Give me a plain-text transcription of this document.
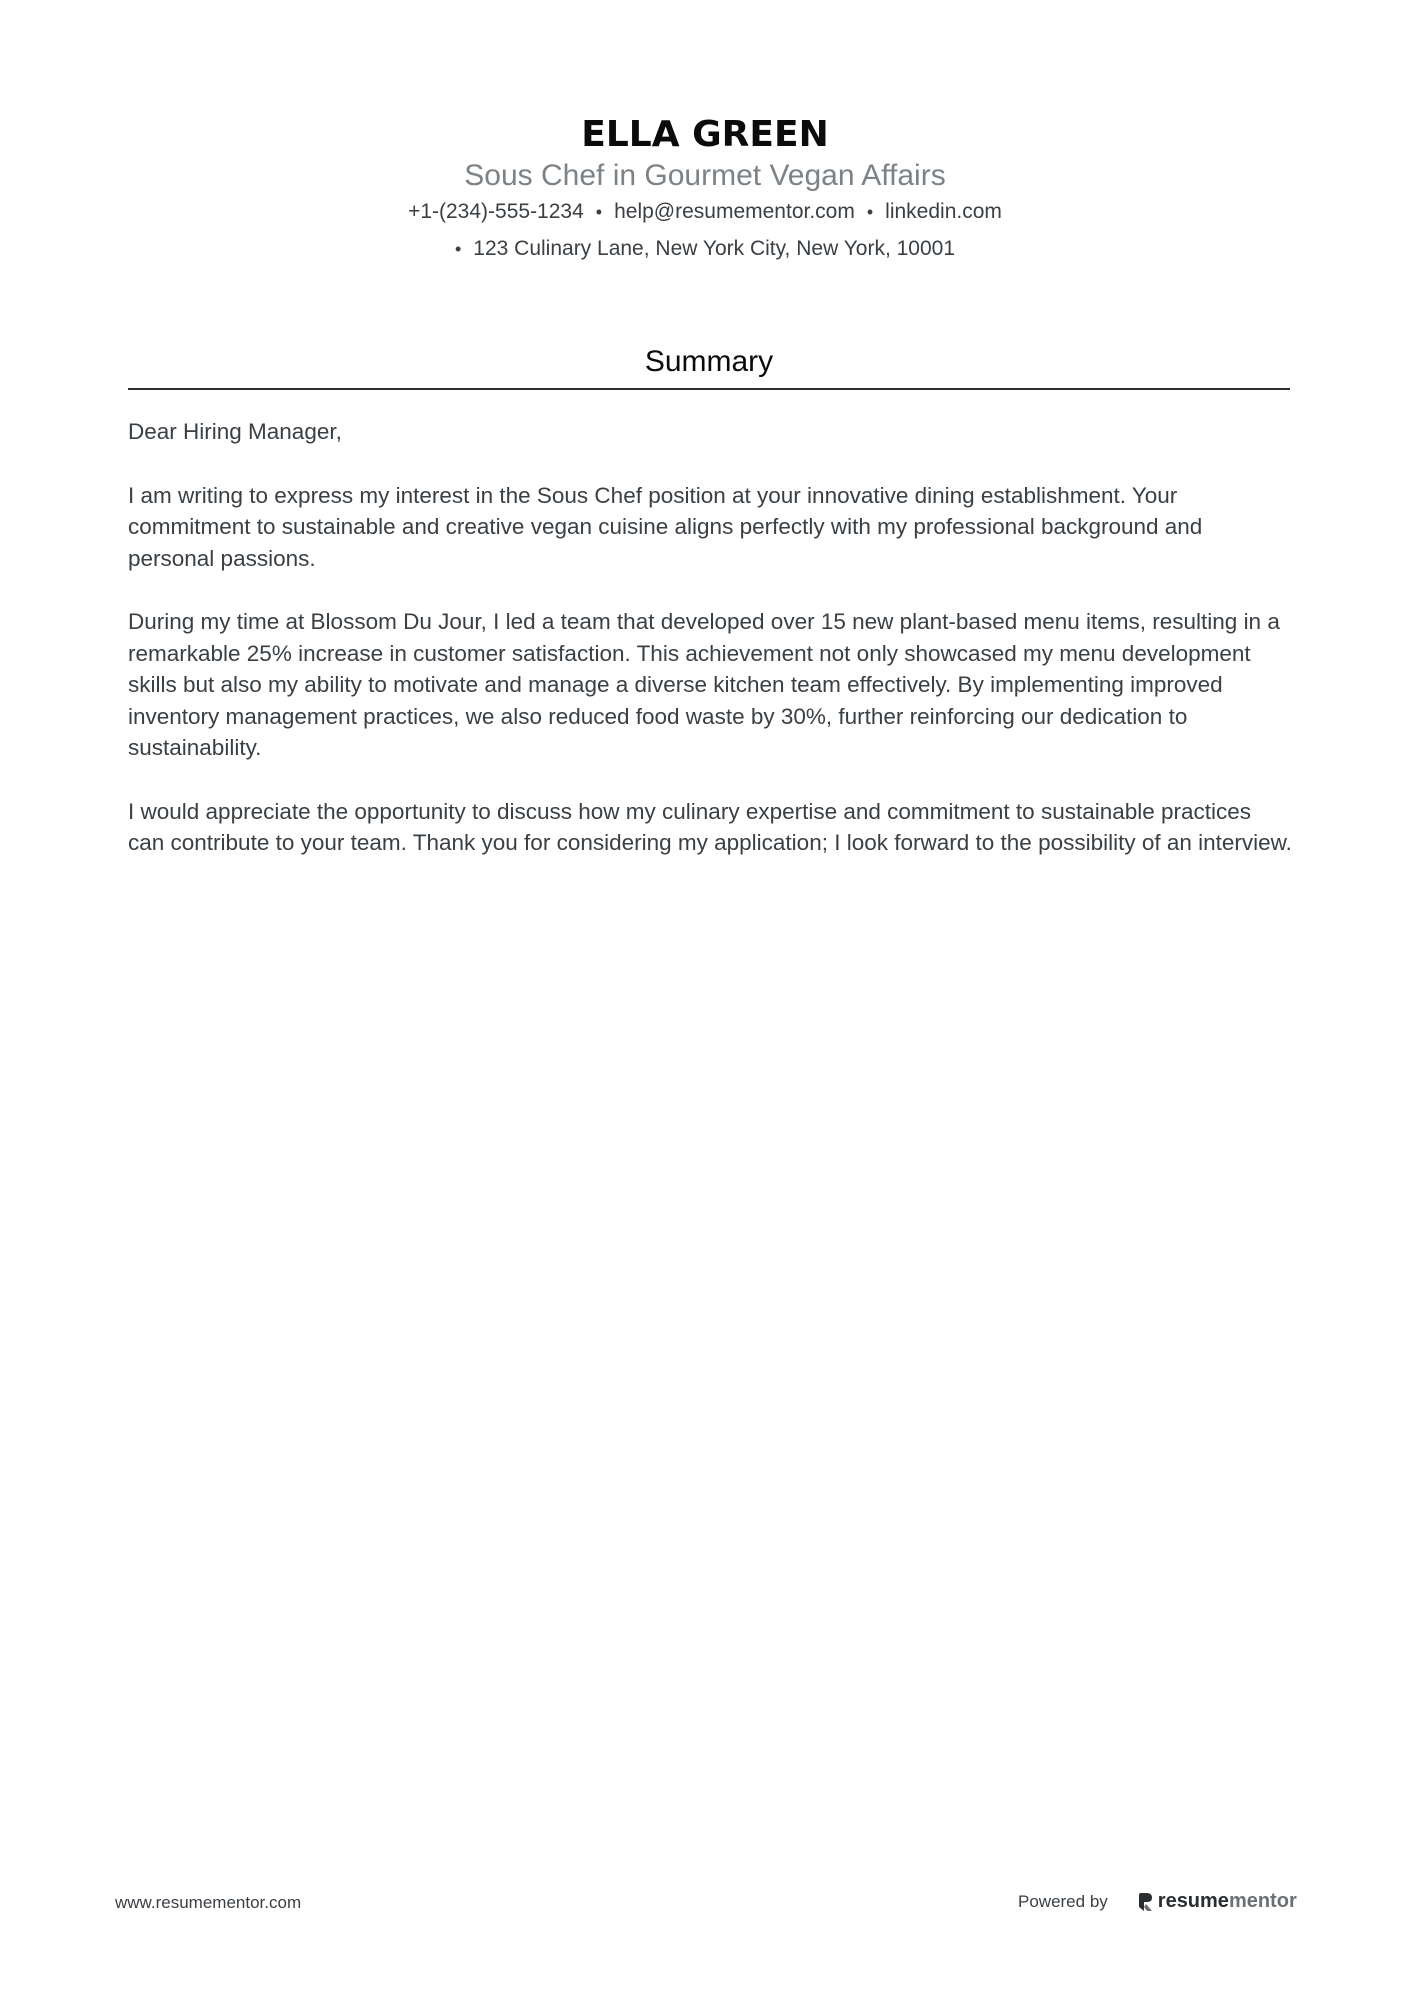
ELLA GREEN
Sous Chef in Gourmet Vegan Affairs
+1-(234)-555-1234 • help@resumementor.com • linkedin.com
• 123 Culinary Lane, New York City, New York, 10001
Summary

Dear Hiring Manager,

I am writing to express my interest in the Sous Chef position at your innovative dining establishment. Your commitment to sustainable and creative vegan cuisine aligns perfectly with my professional background and personal passions.

During my time at Blossom Du Jour, I led a team that developed over 15 new plant-based menu items, resulting in a remarkable 25% increase in customer satisfaction. This achievement not only showcased my menu development skills but also my ability to motivate and manage a diverse kitchen team effectively. By implementing improved inventory management practices, we also reduced food waste by 30%, further reinforcing our dedication to sustainability.

I would appreciate the opportunity to discuss how my culinary expertise and commitment to sustainable practices can contribute to your team. Thank you for considering my application; I look forward to the possibility of an interview.

www.resumementor.com	Powered by	resume mentor
